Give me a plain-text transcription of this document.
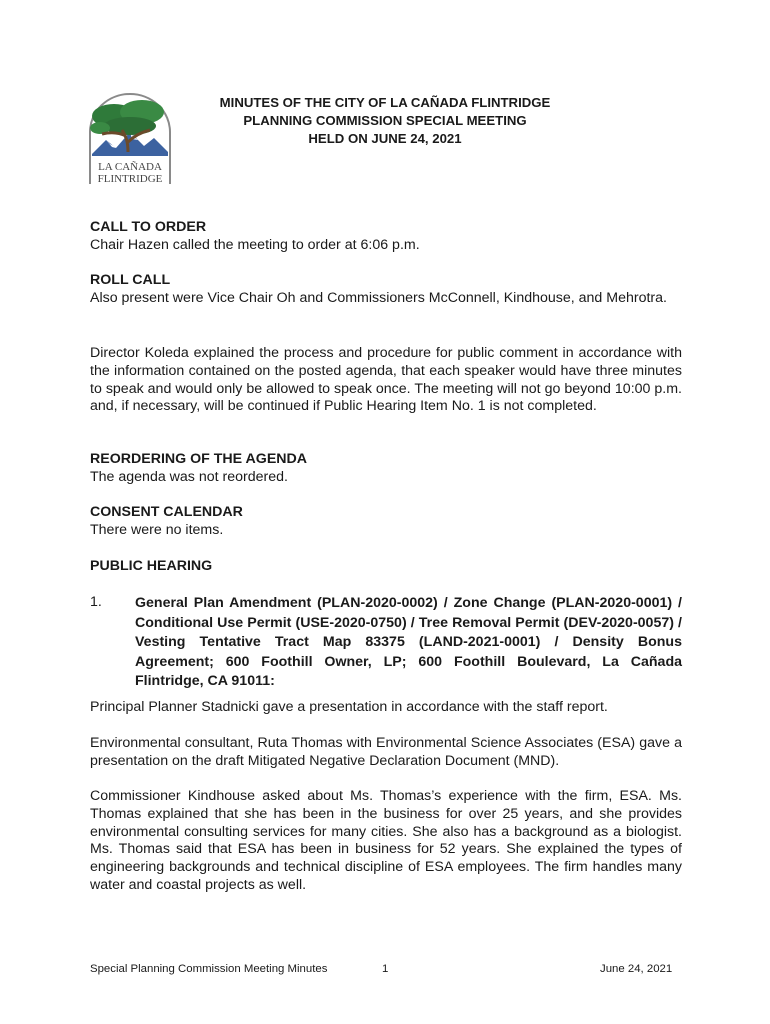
LA CAÑADA
FLINTRIDGE
MINUTES OF THE CITY OF LA CAÑADA FLINTRIDGE
PLANNING COMMISSION SPECIAL MEETING
HELD ON JUNE 24, 2021
CALL TO ORDER
Chair Hazen called the meeting to order at 6:06 p.m.
ROLL CALL
Also present were Vice Chair Oh and Commissioners McConnell, Kindhouse, and Mehrotra.
Director Koleda explained the process and procedure for public comment in accordance with the information contained on the posted agenda, that each speaker would have three minutes to speak and would only be allowed to speak once. The meeting will not go beyond 10:00 p.m. and, if necessary, will be continued if Public Hearing Item No. 1 is not completed.
REORDERING OF THE AGENDA
The agenda was not reordered.
CONSENT CALENDAR
There were no items.
PUBLIC HEARING
1. General Plan Amendment (PLAN-2020-0002) / Zone Change (PLAN-2020-0001) / Conditional Use Permit (USE-2020-0750) / Tree Removal Permit (DEV-2020-0057) / Vesting Tentative Tract Map 83375 (LAND-2021-0001) / Density Bonus Agreement; 600 Foothill Owner, LP; 600 Foothill Boulevard, La Cañada Flintridge, CA 91011:
Principal Planner Stadnicki gave a presentation in accordance with the staff report.
Environmental consultant, Ruta Thomas with Environmental Science Associates (ESA) gave a presentation on the draft Mitigated Negative Declaration Document (MND).
Commissioner Kindhouse asked about Ms. Thomas’s experience with the firm, ESA. Ms. Thomas explained that she has been in the business for over 25 years, and she provides environmental consulting services for many cities. She also has a background as a biologist. Ms. Thomas said that ESA has been in business for 52 years. She explained the types of engineering backgrounds and technical discipline of ESA employees. The firm handles many water and coastal projects as well.
Special Planning Commission Meeting Minutes	1	June 24, 2021
